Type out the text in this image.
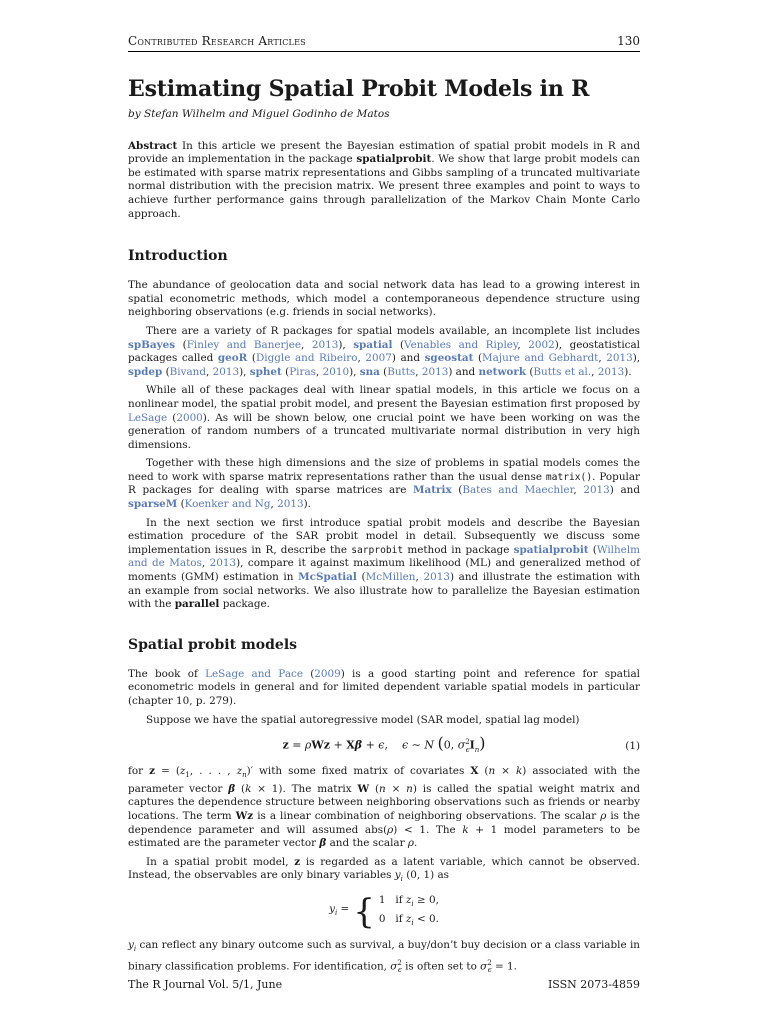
Contributed Research Articles	130
Estimating Spatial Probit Models in R
by Stefan Wilhelm and Miguel Godinho de Matos

Abstract In this article we present the Bayesian estimation of spatial probit models in R and provide an implementation in the package spatialprobit. We show that large probit models can be estimated with sparse matrix representations and Gibbs sampling of a truncated multivariate normal distribution with the precision matrix. We present three examples and point to ways to achieve further performance gains through parallelization of the Markov Chain Monte Carlo approach.

Introduction

The abundance of geolocation data and social network data has lead to a growing interest in spatial econometric methods, which model a contemporaneous dependence structure using neighboring observations (e.g. friends in social networks).

There are a variety of R packages for spatial models available, an incomplete list includes spBayes (Finley and Banerjee, 2013), spatial (Venables and Ripley, 2002), geostatistical packages called geoR (Diggle and Ribeiro, 2007) and sgeostat (Majure and Gebhardt, 2013), spdep (Bivand, 2013), sphet (Piras, 2010), sna (Butts, 2013) and network (Butts et al., 2013).

While all of these packages deal with linear spatial models, in this article we focus on a nonlinear model, the spatial probit model, and present the Bayesian estimation first proposed by LeSage (2000). As will be shown below, one crucial point we have been working on was the generation of random numbers of a truncated multivariate normal distribution in very high dimensions.

Together with these high dimensions and the size of problems in spatial models comes the need to work with sparse matrix representations rather than the usual dense matrix(). Popular R packages for dealing with sparse matrices are Matrix (Bates and Maechler, 2013) and sparseM (Koenker and Ng, 2013).

In the next section we first introduce spatial probit models and describe the Bayesian estimation procedure of the SAR probit model in detail. Subsequently we discuss some implementation issues in R, describe the sarprobit method in package spatialprobit (Wilhelm and de Matos, 2013), compare it against maximum likelihood (ML) and generalized method of moments (GMM) estimation in McSpatial (McMillen, 2013) and illustrate the estimation with an example from social networks. We also illustrate how to parallelize the Bayesian estimation with the parallel package.

Spatial probit models

The book of LeSage and Pace (2009) is a good starting point and reference for spatial econometric models in general and for limited dependent variable spatial models in particular (chapter 10, p. 279).

Suppose we have the spatial autoregressive model (SAR model, spatial lag model)

z = ρWz + Xβ + ϵ,    ϵ ∼ N (0, $\sigma^2_\epsilon I_n$)	(1)

for $z = (z_1$, . . . , $z_n)'$ with some fixed matrix of covariates X (n × k) associated with the parameter vector β (k × 1). The matrix W (n × n) is called the spatial weight matrix and captures the dependence structure between neighboring observations such as friends or nearby locations. The term Wz is a linear combination of neighboring observations. The scalar ρ is the dependence parameter and will assumed abs(ρ) < 1. The k + 1 model parameters to be estimated are the parameter vector β and the scalar ρ.

In a spatial probit model, z is regarded as a latent variable, which cannot be observed. Instead, the observables are only binary variables $y_i$ (0, 1) as

$y_i$ = { 1   if $z_i \ge 0$,
0   if $z_i < 0$.

$y_i$ can reflect any binary outcome such as survival, a buy/don’t buy decision or a class variable in binary classification problems. For identification, $\sigma^2_\epsilon$ is often set to $\sigma^2_\epsilon = 1$.

The R Journal Vol. 5/1, June	ISSN 2073-4859
